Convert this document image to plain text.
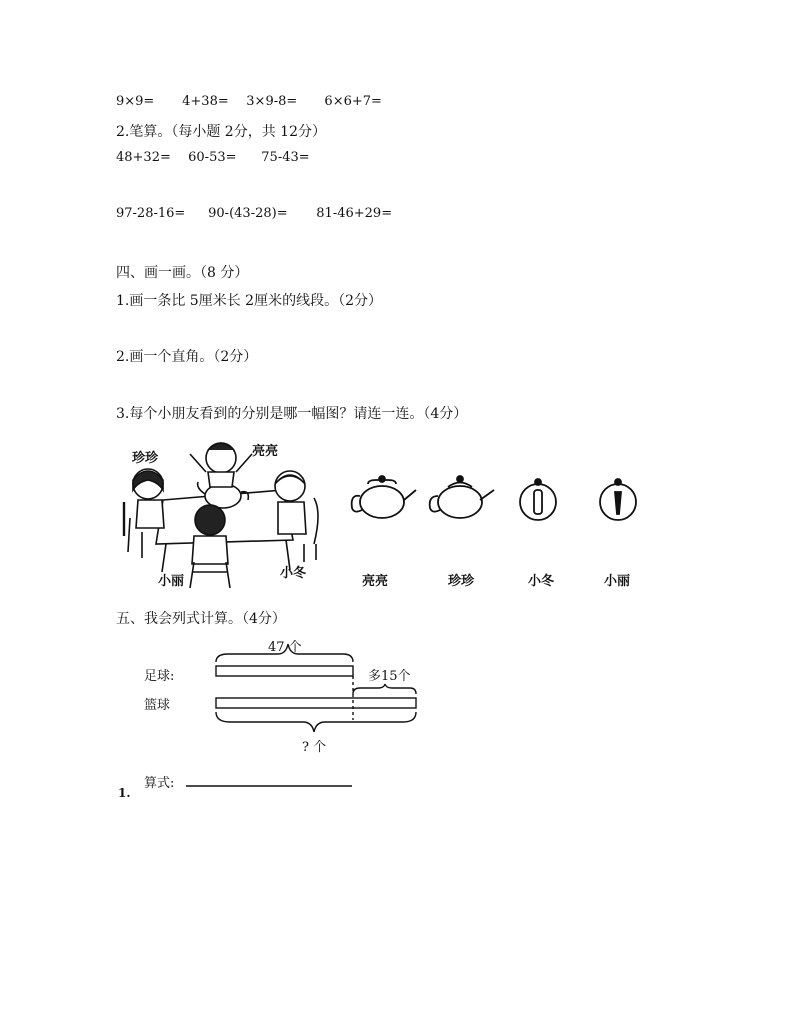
9×9= 4+38= 3×9-8= 6×6+7=
2.笔算。（每小题 2分，共 12分）
48+32= 60-53= 75-43=
97-28-16= 90-(43-28)= 81-46+29=
四、画一画。（8 分）
1.画一条比 5厘米长 2厘米的线段。（2分）
2.画一个直角。（2分）
3.每个小朋友看到的分别是哪一幅图？请连一连。（4分）
珍珍	亮亮
小丽
小冬
亮亮	珍珍	小冬	小丽
五、我会列式计算。（4分）
47 个
足球:	多15个
篮球
? 个
算式:
1.
